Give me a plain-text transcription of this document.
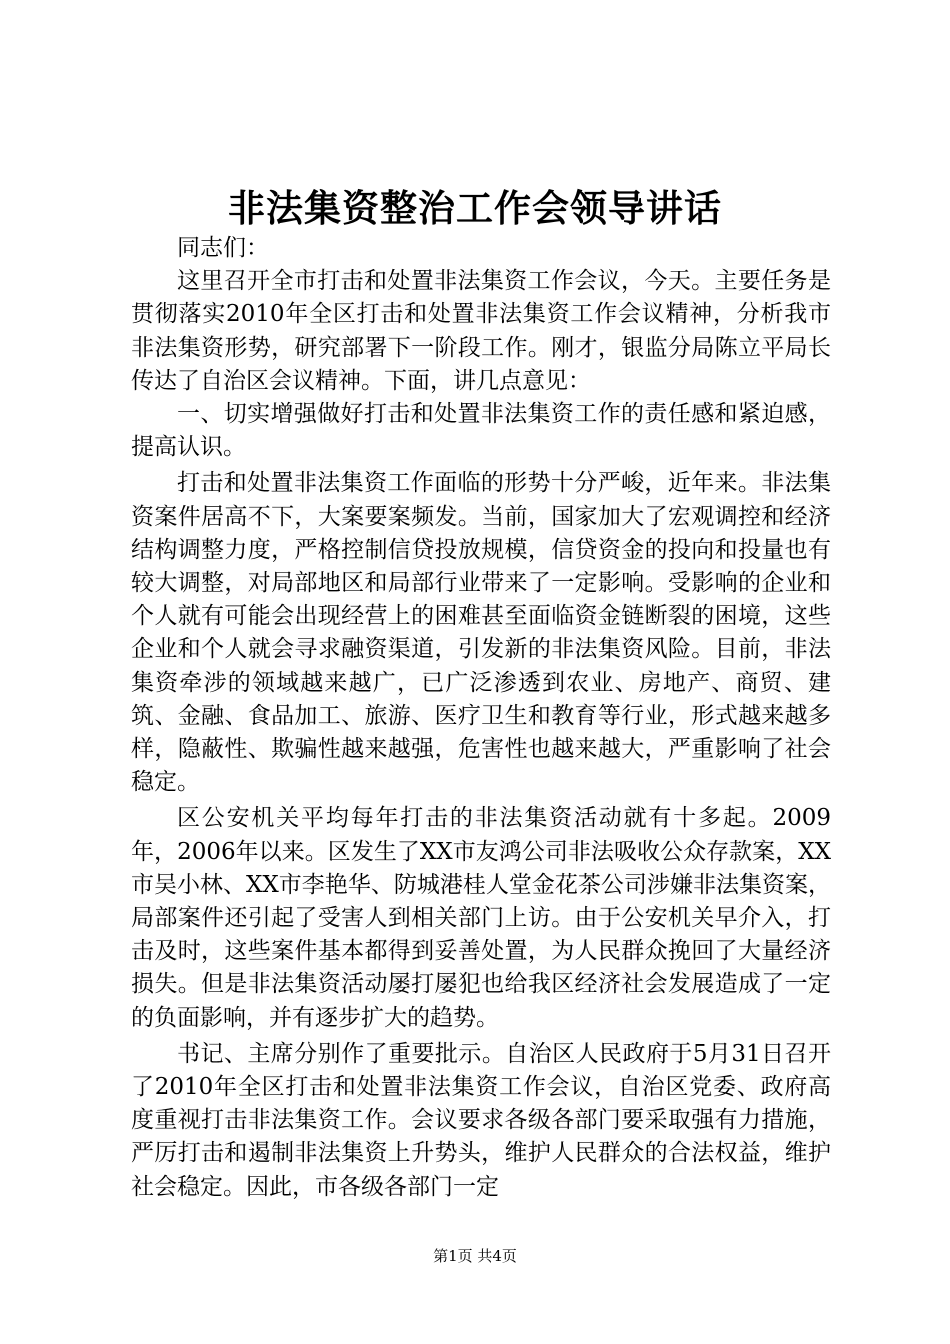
非法集资整治工作会领导讲话

同志们：

这里召开全市打击和处置非法集资工作会议，今天。主要任务是贯彻落实2010年全区打击和处置非法集资工作会议精神，分析我市非法集资形势，研究部署下一阶段工作。刚才，银监分局陈立平局长传达了自治区会议精神。下面，讲几点意见：

一、切实增强做好打击和处置非法集资工作的责任感和紧迫感，提高认识。

打击和处置非法集资工作面临的形势十分严峻，近年来。非法集资案件居高不下，大案要案频发。当前，国家加大了宏观调控和经济结构调整力度，严格控制信贷投放规模，信贷资金的投向和投量也有较大调整，对局部地区和局部行业带来了一定影响。受影响的企业和个人就有可能会出现经营上的困难甚至面临资金链断裂的困境，这些企业和个人就会寻求融资渠道，引发新的非法集资风险。目前，非法集资牵涉的领域越来越广，已广泛渗透到农业、房地产、商贸、建筑、金融、食品加工、旅游、医疗卫生和教育等行业，形式越来越多样，隐蔽性、欺骗性越来越强，危害性也越来越大，严重影响了社会稳定。

区公安机关平均每年打击的非法集资活动就有十多起。2009年，2006年以来。区发生了XX市友鸿公司非法吸收公众存款案，XX市吴小林、XX市李艳华、防城港桂人堂金花茶公司涉嫌非法集资案，局部案件还引起了受害人到相关部门上访。由于公安机关早介入，打击及时，这些案件基本都得到妥善处置，为人民群众挽回了大量经济损失。但是非法集资活动屡打屡犯也给我区经济社会发展造成了一定的负面影响，并有逐步扩大的趋势。

书记、主席分别作了重要批示。自治区人民政府于5月31日召开了2010年全区打击和处置非法集资工作会议，自治区党委、政府高度重视打击非法集资工作。会议要求各级各部门要采取强有力措施，严厉打击和遏制非法集资上升势头，维护人民群众的合法权益，维护社会稳定。因此，市各级各部门一定

第1页 共4页
